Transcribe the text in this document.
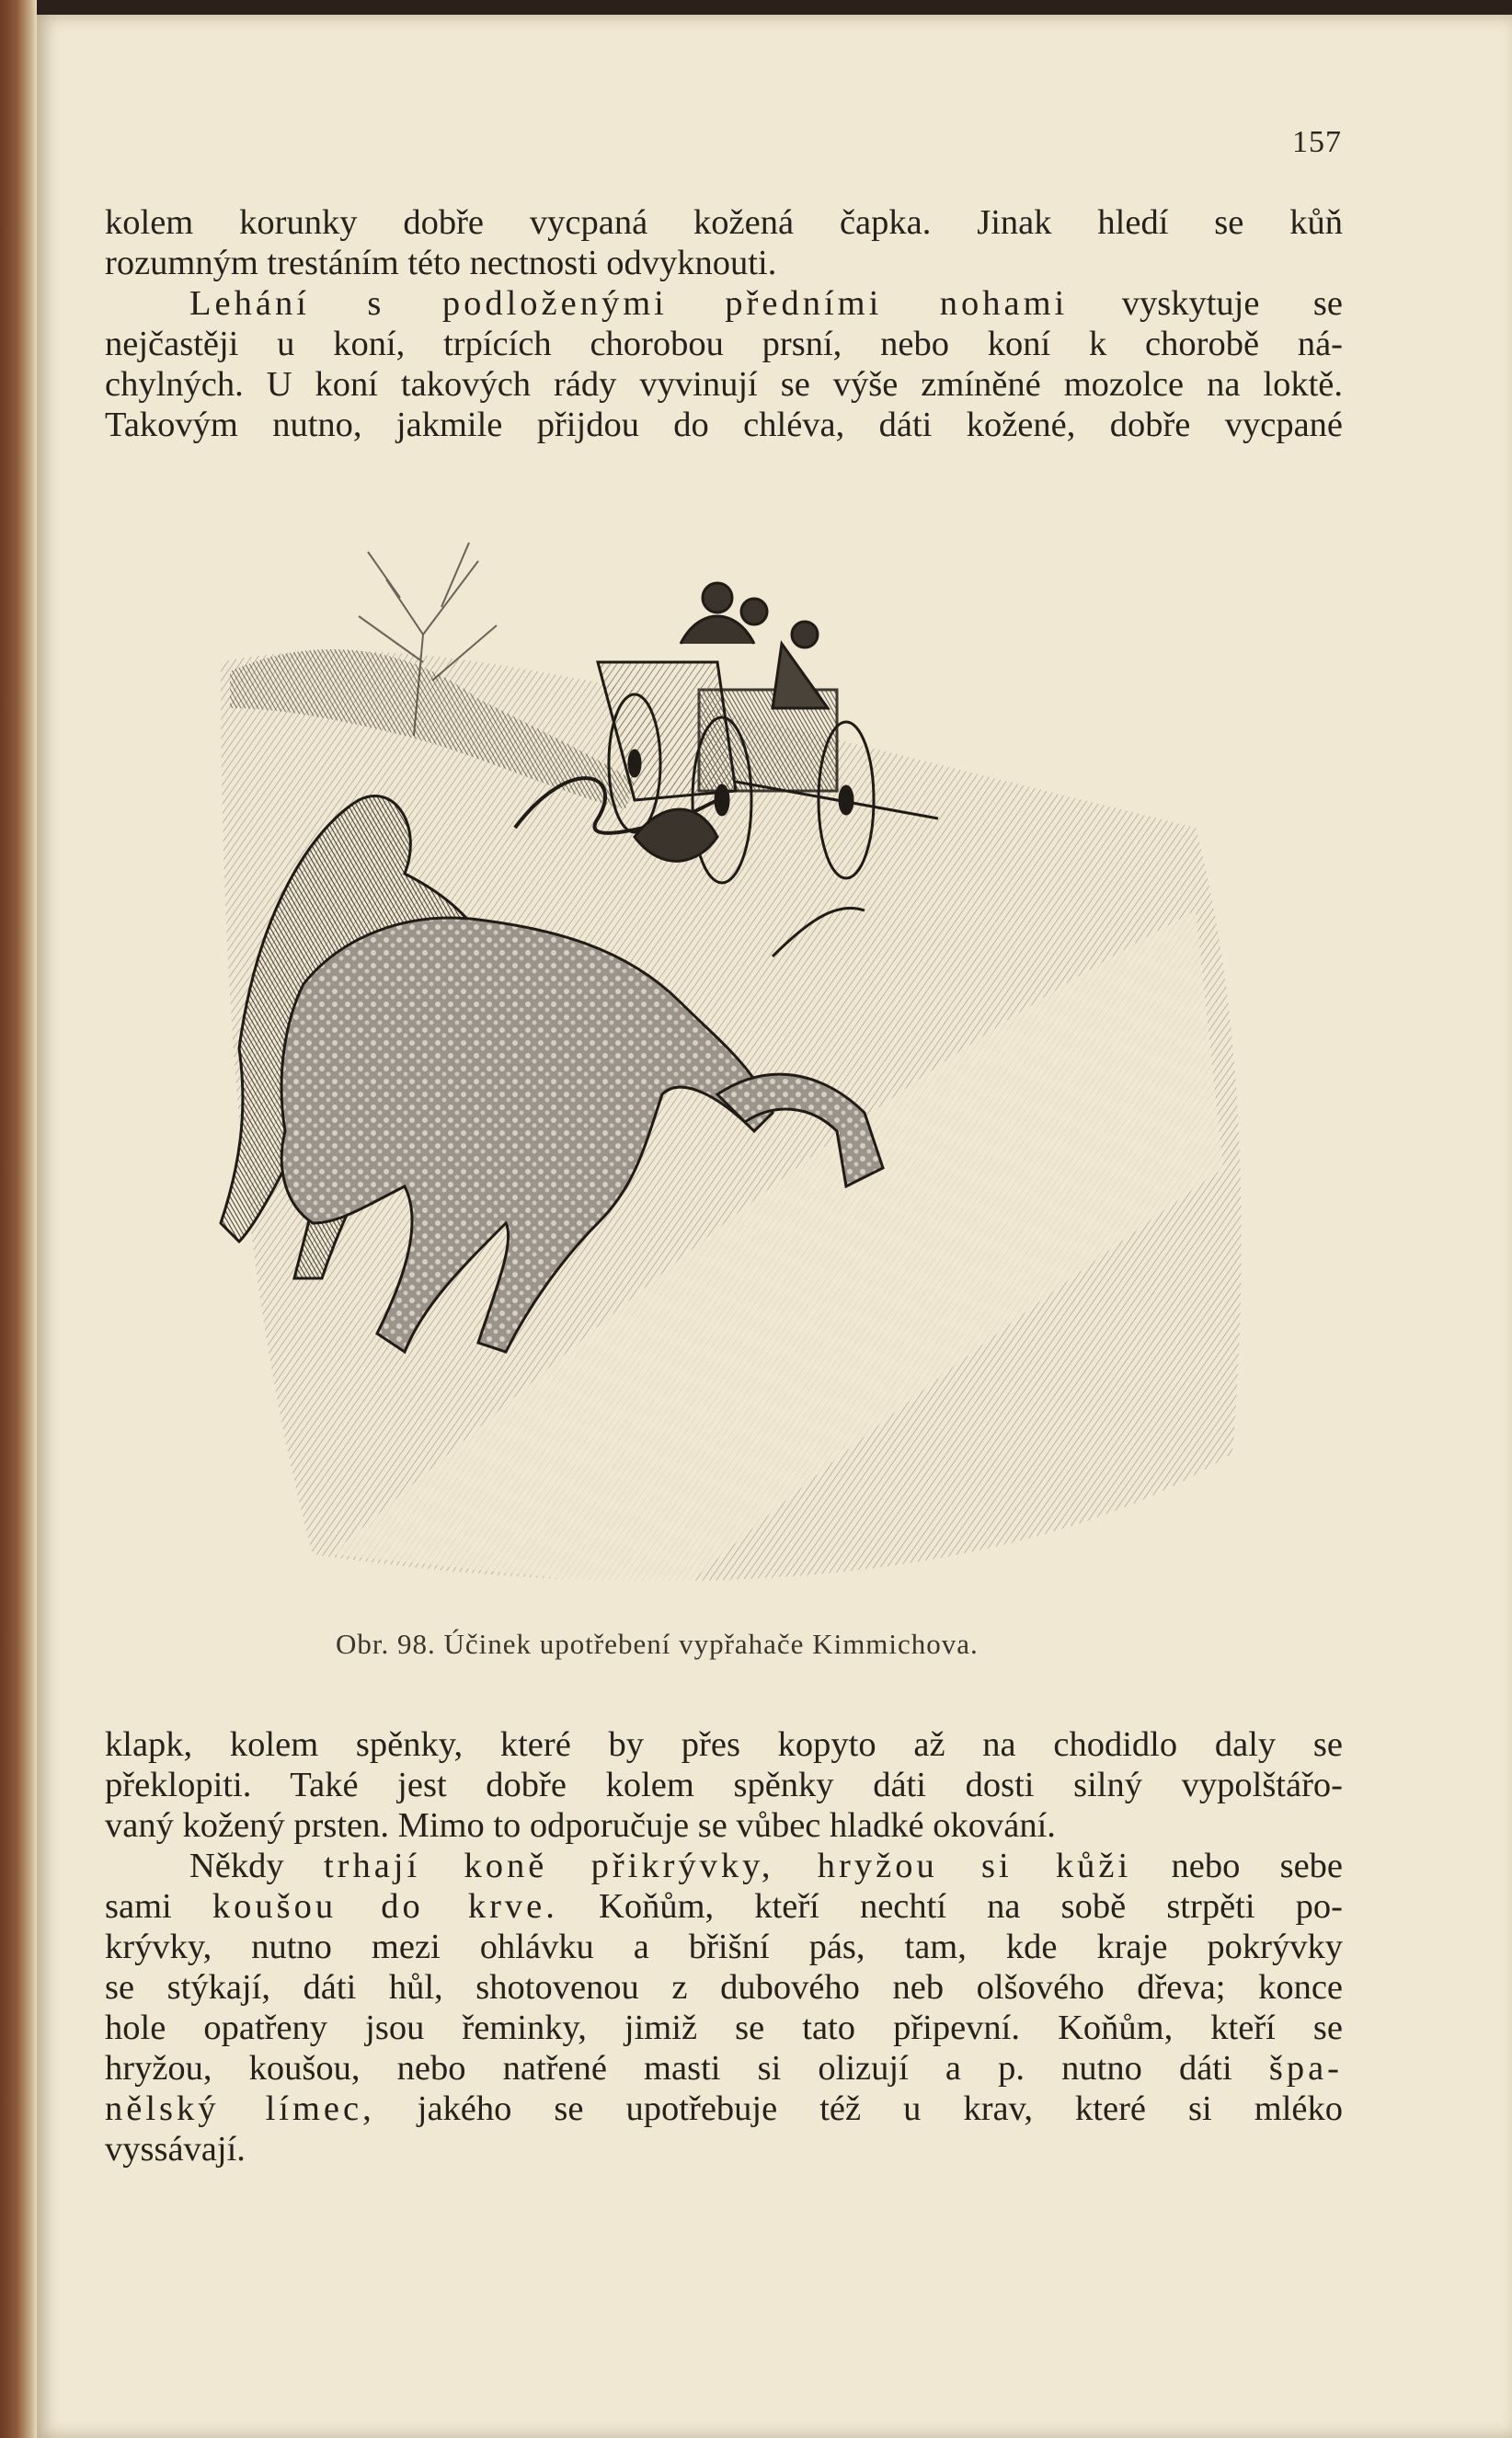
157
kolem korunky dobře vycpaná kožená čapka. Jinak hledí se kůň
rozumným trestáním této nectnosti odvyknouti.
Lehání s podloženými předními nohami vyskytuje se
nejčastěji u koní, trpících chorobou prsní, nebo koní k chorobě ná-
chylných. U koní takových rády vyvinují se výše zmíněné mozolce na loktě.
Takovým nutno, jakmile přijdou do chléva, dáti kožené, dobře vycpané
Obr. 98. Účinek upotřebení vypřahače Kimmichova.
klapk, kolem spěnky, které by přes kopyto až na chodidlo daly se
překlopiti. Také jest dobře kolem spěnky dáti dosti silný vypolštářo-
vaný kožený prsten. Mimo to odporučuje se vůbec hladké okování.
Někdy trhají koně přikrývky, hryžou si kůži nebo sebe
sami koušou do krve. Koňům, kteří nechtí na sobě strpěti po-
krývky, nutno mezi ohlávku a břišní pás, tam, kde kraje pokrývky
se stýkají, dáti hůl, shotovenou z dubového neb olšového dřeva; konce
hole opatřeny jsou řeminky, jimiž se tato připevní. Koňům, kteří se
hryžou, koušou, nebo natřené masti si olizují a p. nutno dáti špa-
nělský límec, jakého se upotřebuje též u krav, které si mléko
vyssávají.
